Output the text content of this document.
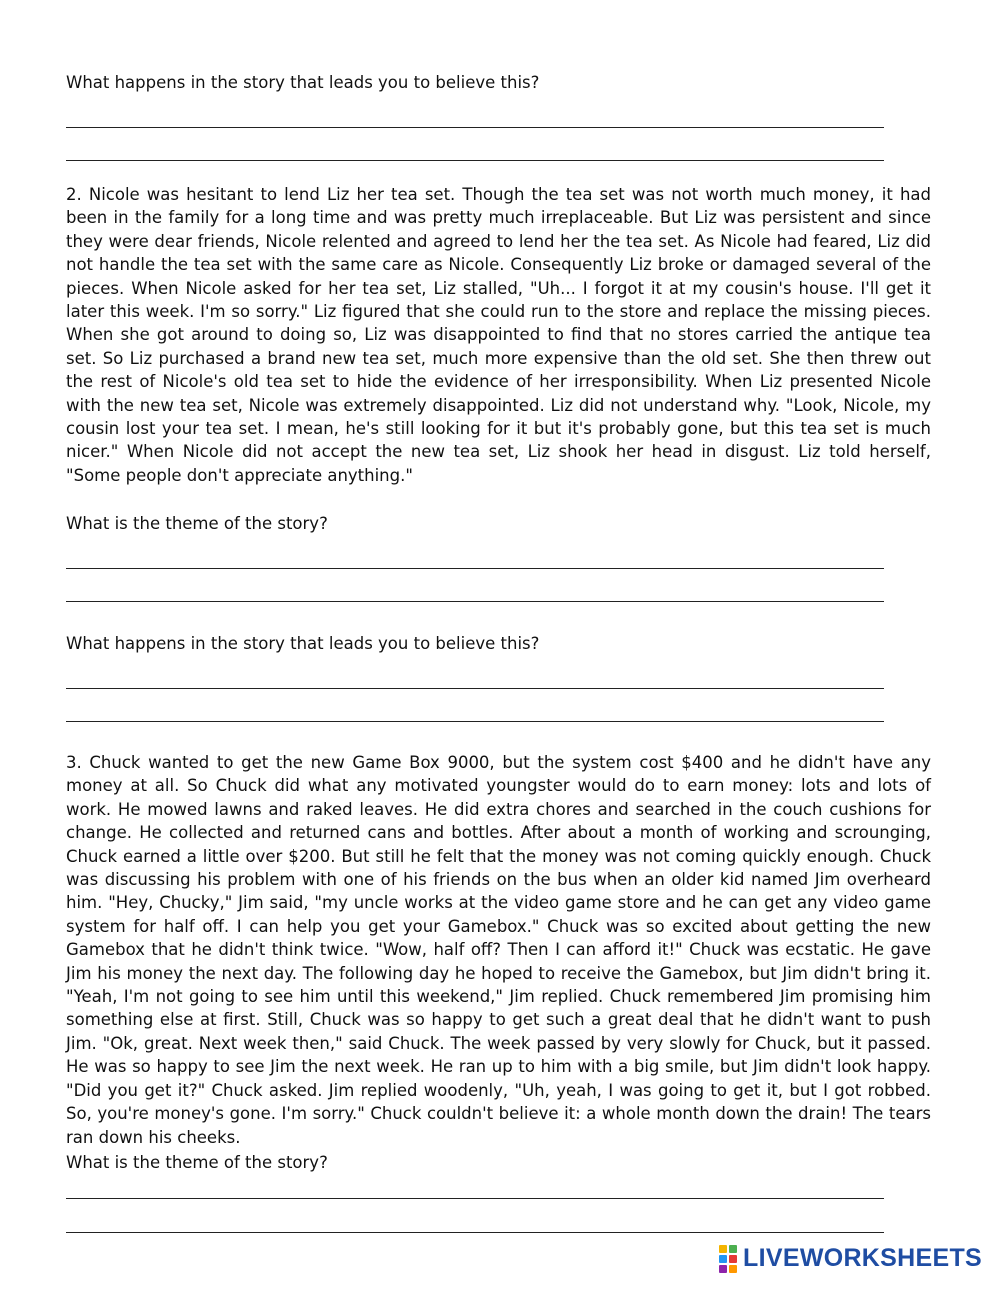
What happens in the story that leads you to believe this?

2. Nicole was hesitant to lend Liz her tea set. Though the tea set was not worth much money, it had been in the family for a long time and was pretty much irreplaceable. But Liz was persistent and since they were dear friends, Nicole relented and agreed to lend her the tea set. As Nicole had feared, Liz did not handle the tea set with the same care as Nicole. Consequently Liz broke or damaged several of the pieces. When Nicole asked for her tea set, Liz stalled, "Uh... I forgot it at my cousin's house. I'll get it later this week. I'm so sorry." Liz figured that she could run to the store and replace the missing pieces. When she got around to doing so, Liz was disappointed to find that no stores carried the antique tea set. So Liz purchased a brand new tea set, much more expensive than the old set. She then threw out the rest of Nicole's old tea set to hide the evidence of her irresponsibility. When Liz presented Nicole with the new tea set, Nicole was extremely disappointed. Liz did not understand why. "Look, Nicole, my cousin lost your tea set. I mean, he's still looking for it but it's probably gone, but this tea set is much nicer." When Nicole did not accept the new tea set, Liz shook her head in disgust. Liz told herself, "Some people don't appreciate anything."

What is the theme of the story?

What happens in the story that leads you to believe this?

3. Chuck wanted to get the new Game Box 9000, but the system cost $400 and he didn't have any money at all. So Chuck did what any motivated youngster would do to earn money: lots and lots of work. He mowed lawns and raked leaves. He did extra chores and searched in the couch cushions for change. He collected and returned cans and bottles. After about a month of working and scrounging, Chuck earned a little over $200. But still he felt that the money was not coming quickly enough. Chuck was discussing his problem with one of his friends on the bus when an older kid named Jim overheard him. "Hey, Chucky," Jim said, "my uncle works at the video game store and he can get any video game system for half off. I can help you get your Gamebox." Chuck was so excited about getting the new Gamebox that he didn't think twice. "Wow, half off? Then I can afford it!" Chuck was ecstatic. He gave Jim his money the next day. The following day he hoped to receive the Gamebox, but Jim didn't bring it. "Yeah, I'm not going to see him until this weekend," Jim replied. Chuck remembered Jim promising him something else at first. Still, Chuck was so happy to get such a great deal that he didn't want to push Jim. "Ok, great. Next week then," said Chuck. The week passed by very slowly for Chuck, but it passed. He was so happy to see Jim the next week. He ran up to him with a big smile, but Jim didn't look happy. "Did you get it?" Chuck asked. Jim replied woodenly, "Uh, yeah, I was going to get it, but I got robbed. So, you're money's gone. I'm sorry." Chuck couldn't believe it: a whole month down the drain! The tears ran down his cheeks.

What is the theme of the story?

LIVEWORKSHEETS
